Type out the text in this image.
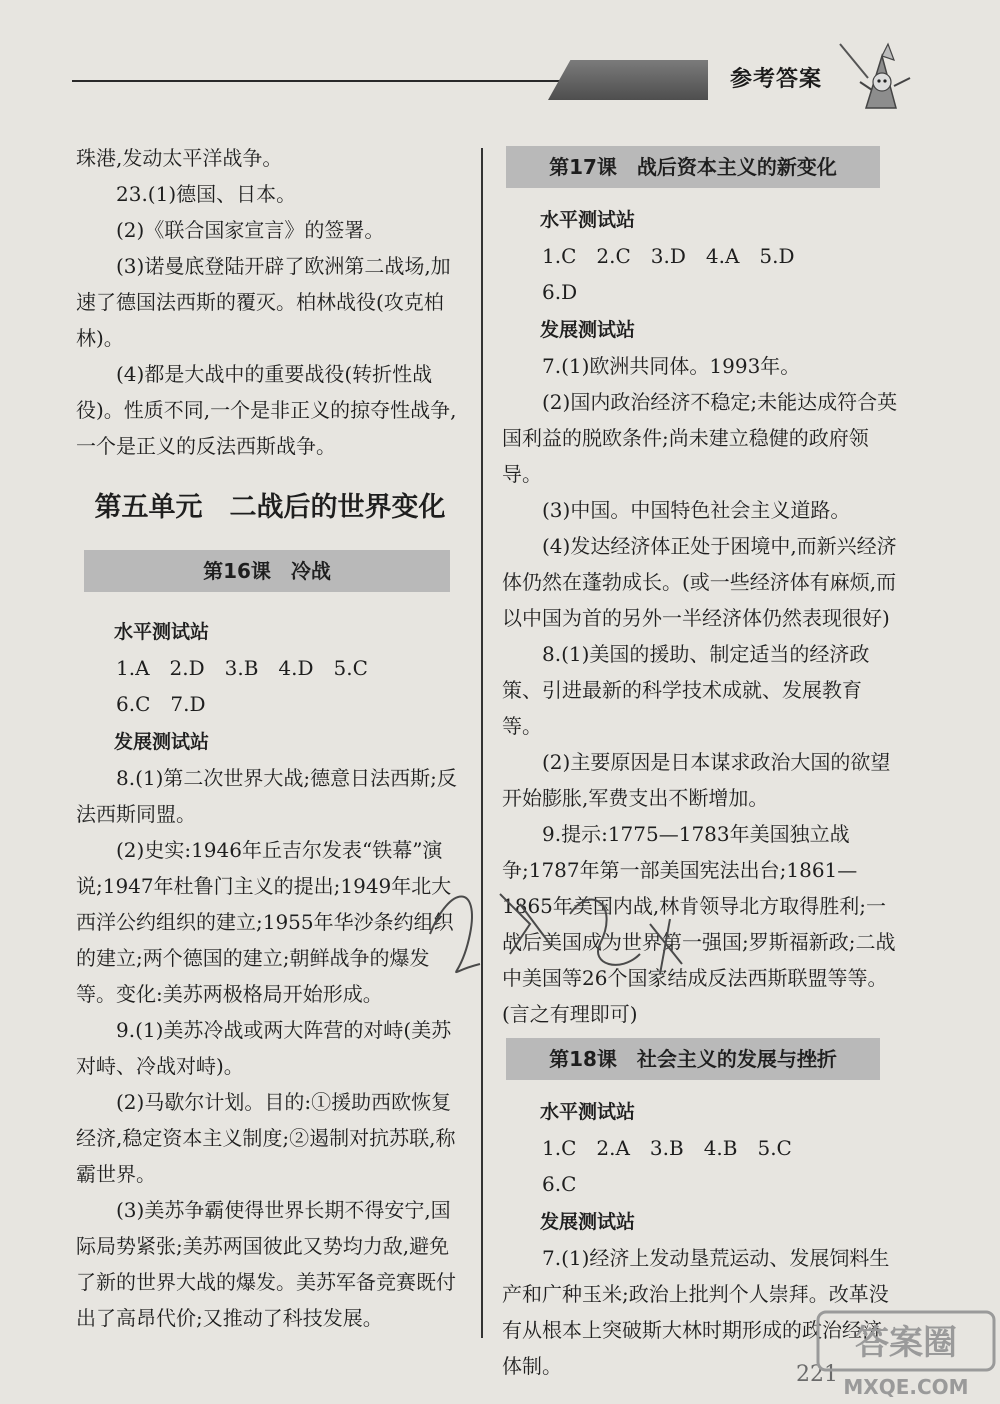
参考答案

珠港,发动太平洋战争。

23.(1)德国、日本。

(2)《联合国家宣言》的签署。

(3)诺曼底登陆开辟了欧洲第二战场,加速了德国法西斯的覆灭。柏林战役(攻克柏林)。

(4)都是大战中的重要战役(转折性战役)。性质不同,一个是非正义的掠夺性战争,一个是正义的反法西斯战争。

第五单元　二战后的世界变化
第16课　冷战
水平测试站

1.A　2.D　3.B　4.D　5.C

6.C　7.D

发展测试站

8.(1)第二次世界大战;德意日法西斯;反法西斯同盟。

(2)史实:1946年丘吉尔发表“铁幕”演说;1947年杜鲁门主义的提出;1949年北大西洋公约组织的建立;1955年华沙条约组织的建立;两个德国的建立;朝鲜战争的爆发等。变化:美苏两极格局开始形成。

9.(1)美苏冷战或两大阵营的对峙(美苏对峙、冷战对峙)。

(2)马歇尔计划。目的:①援助西欧恢复经济,稳定资本主义制度;②遏制对抗苏联,称霸世界。

(3)美苏争霸使得世界长期不得安宁,国际局势紧张;美苏两国彼此又势均力敌,避免了新的世界大战的爆发。美苏军备竞赛既付出了高昂代价;又推动了科技发展。

第17课　战后资本主义的新变化
水平测试站

1.C　2.C　3.D　4.A　5.D

6.D

发展测试站

7.(1)欧洲共同体。1993年。

(2)国内政治经济不稳定;未能达成符合英国利益的脱欧条件;尚未建立稳健的政府领导。

(3)中国。中国特色社会主义道路。

(4)发达经济体正处于困境中,而新兴经济体仍然在蓬勃成长。(或一些经济体有麻烦,而以中国为首的另外一半经济体仍然表现很好)

8.(1)美国的援助、制定适当的经济政策、引进最新的科学技术成就、发展教育等。

(2)主要原因是日本谋求政治大国的欲望开始膨胀,军费支出不断增加。

9.提示:1775—1783年美国独立战争;1787年第一部美国宪法出台;1861—1865年美国内战,林肯领导北方取得胜利;一战后美国成为世界第一强国;罗斯福新政;二战中美国等26个国家结成反法西斯联盟等等。(言之有理即可)

第18课　社会主义的发展与挫折
水平测试站

1.C　2.A　3.B　4.B　5.C

6.C

发展测试站

7.(1)经济上发动垦荒运动、发展饲料生产和广种玉米;政治上批判个人崇拜。改革没有从根本上突破斯大林时期形成的政治经济体制。	221
答案圈
MXQE.COM
